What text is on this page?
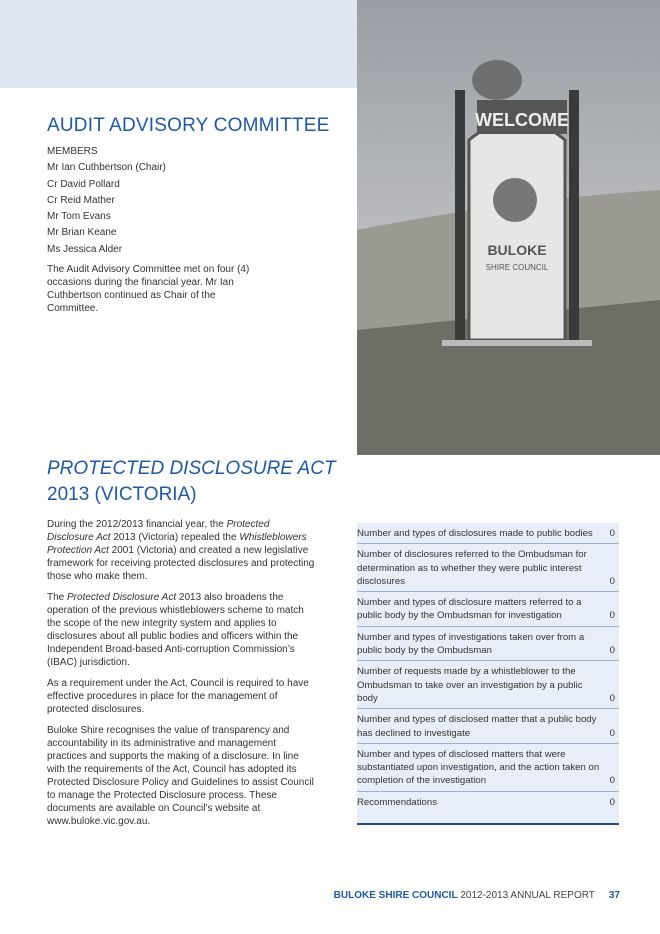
WELCOME
BULOKE
SHIRE COUNCIL
AUDIT ADVISORY COMMITTEE
MEMBERS
Mr Ian Cuthbertson (Chair)
Cr David Pollard
Cr Reid Mather
Mr Tom Evans
Mr Brian Keane
Ms Jessica Alder
The Audit Advisory Committee met on four (4) occasions during the financial year. Mr Ian Cuthbertson continued as Chair of the Committee.
PROTECTED DISCLOSURE ACT
2013 (VICTORIA)

During the 2012/2013 financial year, the Protected Disclosure Act 2013 (Victoria) repealed the Whistleblowers Protection Act 2001 (Victoria) and created a new legislative framework for receiving protected disclosures and protecting those who make them.

The Protected Disclosure Act 2013 also broadens the operation of the previous whistleblowers scheme to match the scope of the new integrity system and applies to disclosures about all public bodies and officers within the Independent Broad-based Anti-corruption Commission’s (IBAC) jurisdiction.

As a requirement under the Act, Council is required to have effective procedures in place for the management of protected disclosures.

Buloke Shire recognises the value of transparency and accountability in its administrative and management practices and supports the making of a disclosure. In line with the requirements of the Act, Council has adopted its Protected Disclosure Policy and Guidelines to assist Council to manage the Protected Disclosure process. These documents are available on Council’s website at www.buloke.vic.gov.au.

Number and types of disclosures made to public bodies 0
Number of disclosures referred to the Ombudsman for determination as to whether they were public interest disclosures	0
Number and types of disclosure matters referred to a public body by the Ombudsman for investigation	0
Number and types of investigations taken over from a public body by the Ombudsman	0
Number of requests made by a whistleblower to the Ombudsman to take over an investigation by a public body	0
Number and types of disclosed matter that a public body has declined to investigate	0
Number and types of disclosed matters that were substantiated upon investigation, and the action taken on completion of the investigation	0
Recommendations	0
BULOKE SHIRE COUNCIL 2012-2013 ANNUAL REPORT 37
